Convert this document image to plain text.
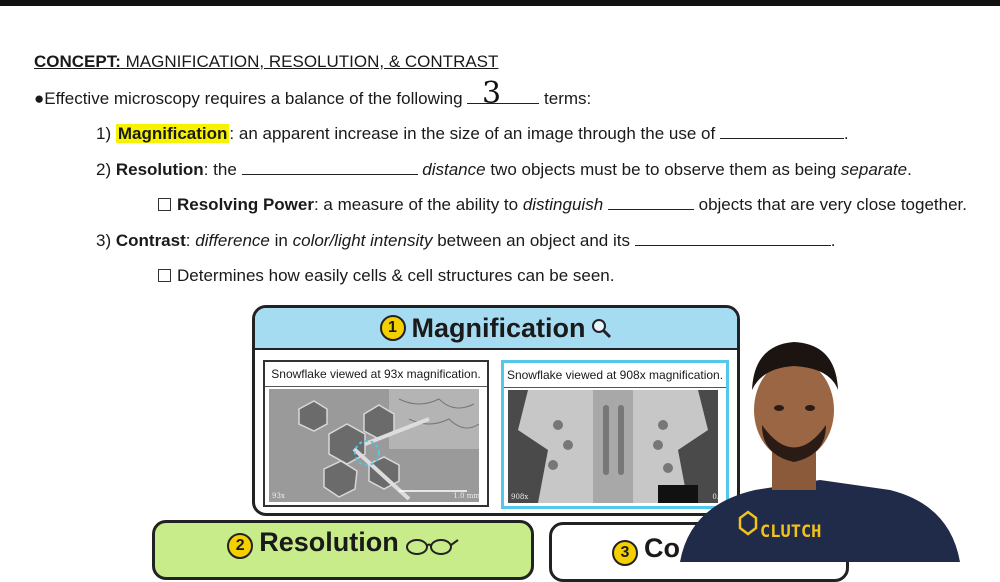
CONCEPT: MAGNIFICATION, RESOLUTION, & CONTRAST
●Effective microscopy requires a balance of the following	terms:
3
1) Magnification : an apparent increase in the size of an image through the use of	.
2) Resolution: the	distance two objects must be to observe them as being separate.
Resolving Power: a measure of the ability to distinguish	objects that are very close together.
3) Contrast: difference in color/light intensity between an object and its	.
Determines how easily cells & cell structures can be seen.
1 Magnification
Snowflake viewed at 93x magnification.
93x	1.0 mm
Snowflake viewed at 908x magnification.
908x	0.
2 Resolution	3 Co
CLUTCH
